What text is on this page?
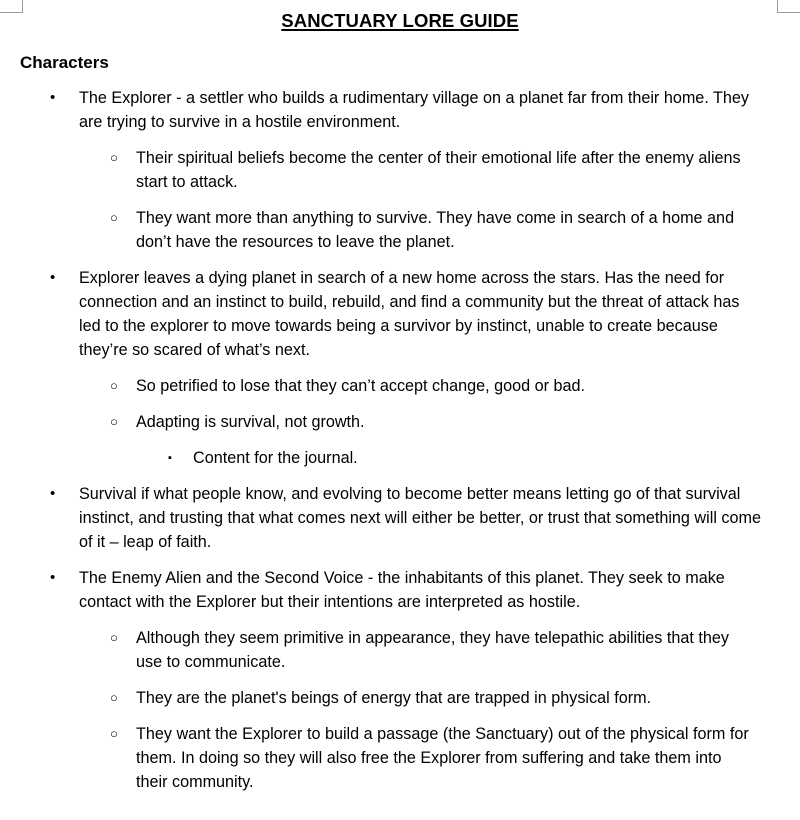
SANCTUARY LORE GUIDE
Characters
• The Explorer - a settler who builds a rudimentary village on a planet far from their home. They are trying to survive in a hostile environment.
○ Their spiritual beliefs become the center of their emotional life after the enemy aliens start to attack.
○ They want more than anything to survive. They have come in search of a home and don’t have the resources to leave the planet.
• Explorer leaves a dying planet in search of a new home across the stars. Has the need for connection and an instinct to build, rebuild, and find a community but the threat of attack has led to the explorer to move towards being a survivor by instinct, unable to create because they’re so scared of what’s next.
○ So petrified to lose that they can’t accept change, good or bad.
○ Adapting is survival, not growth.
▪ Content for the journal.
• Survival if what people know, and evolving to become better means letting go of that survival instinct, and trusting that what comes next will either be better, or trust that something will come of it – leap of faith.
• The Enemy Alien and the Second Voice - the inhabitants of this planet. They seek to make contact with the Explorer but their intentions are interpreted as hostile.
○ Although they seem primitive in appearance, they have telepathic abilities that they use to communicate.
○ They are the planet's beings of energy that are trapped in physical form.
○ They want the Explorer to build a passage (the Sanctuary) out of the physical form for them. In doing so they will also free the Explorer from suffering and take them into their community.
